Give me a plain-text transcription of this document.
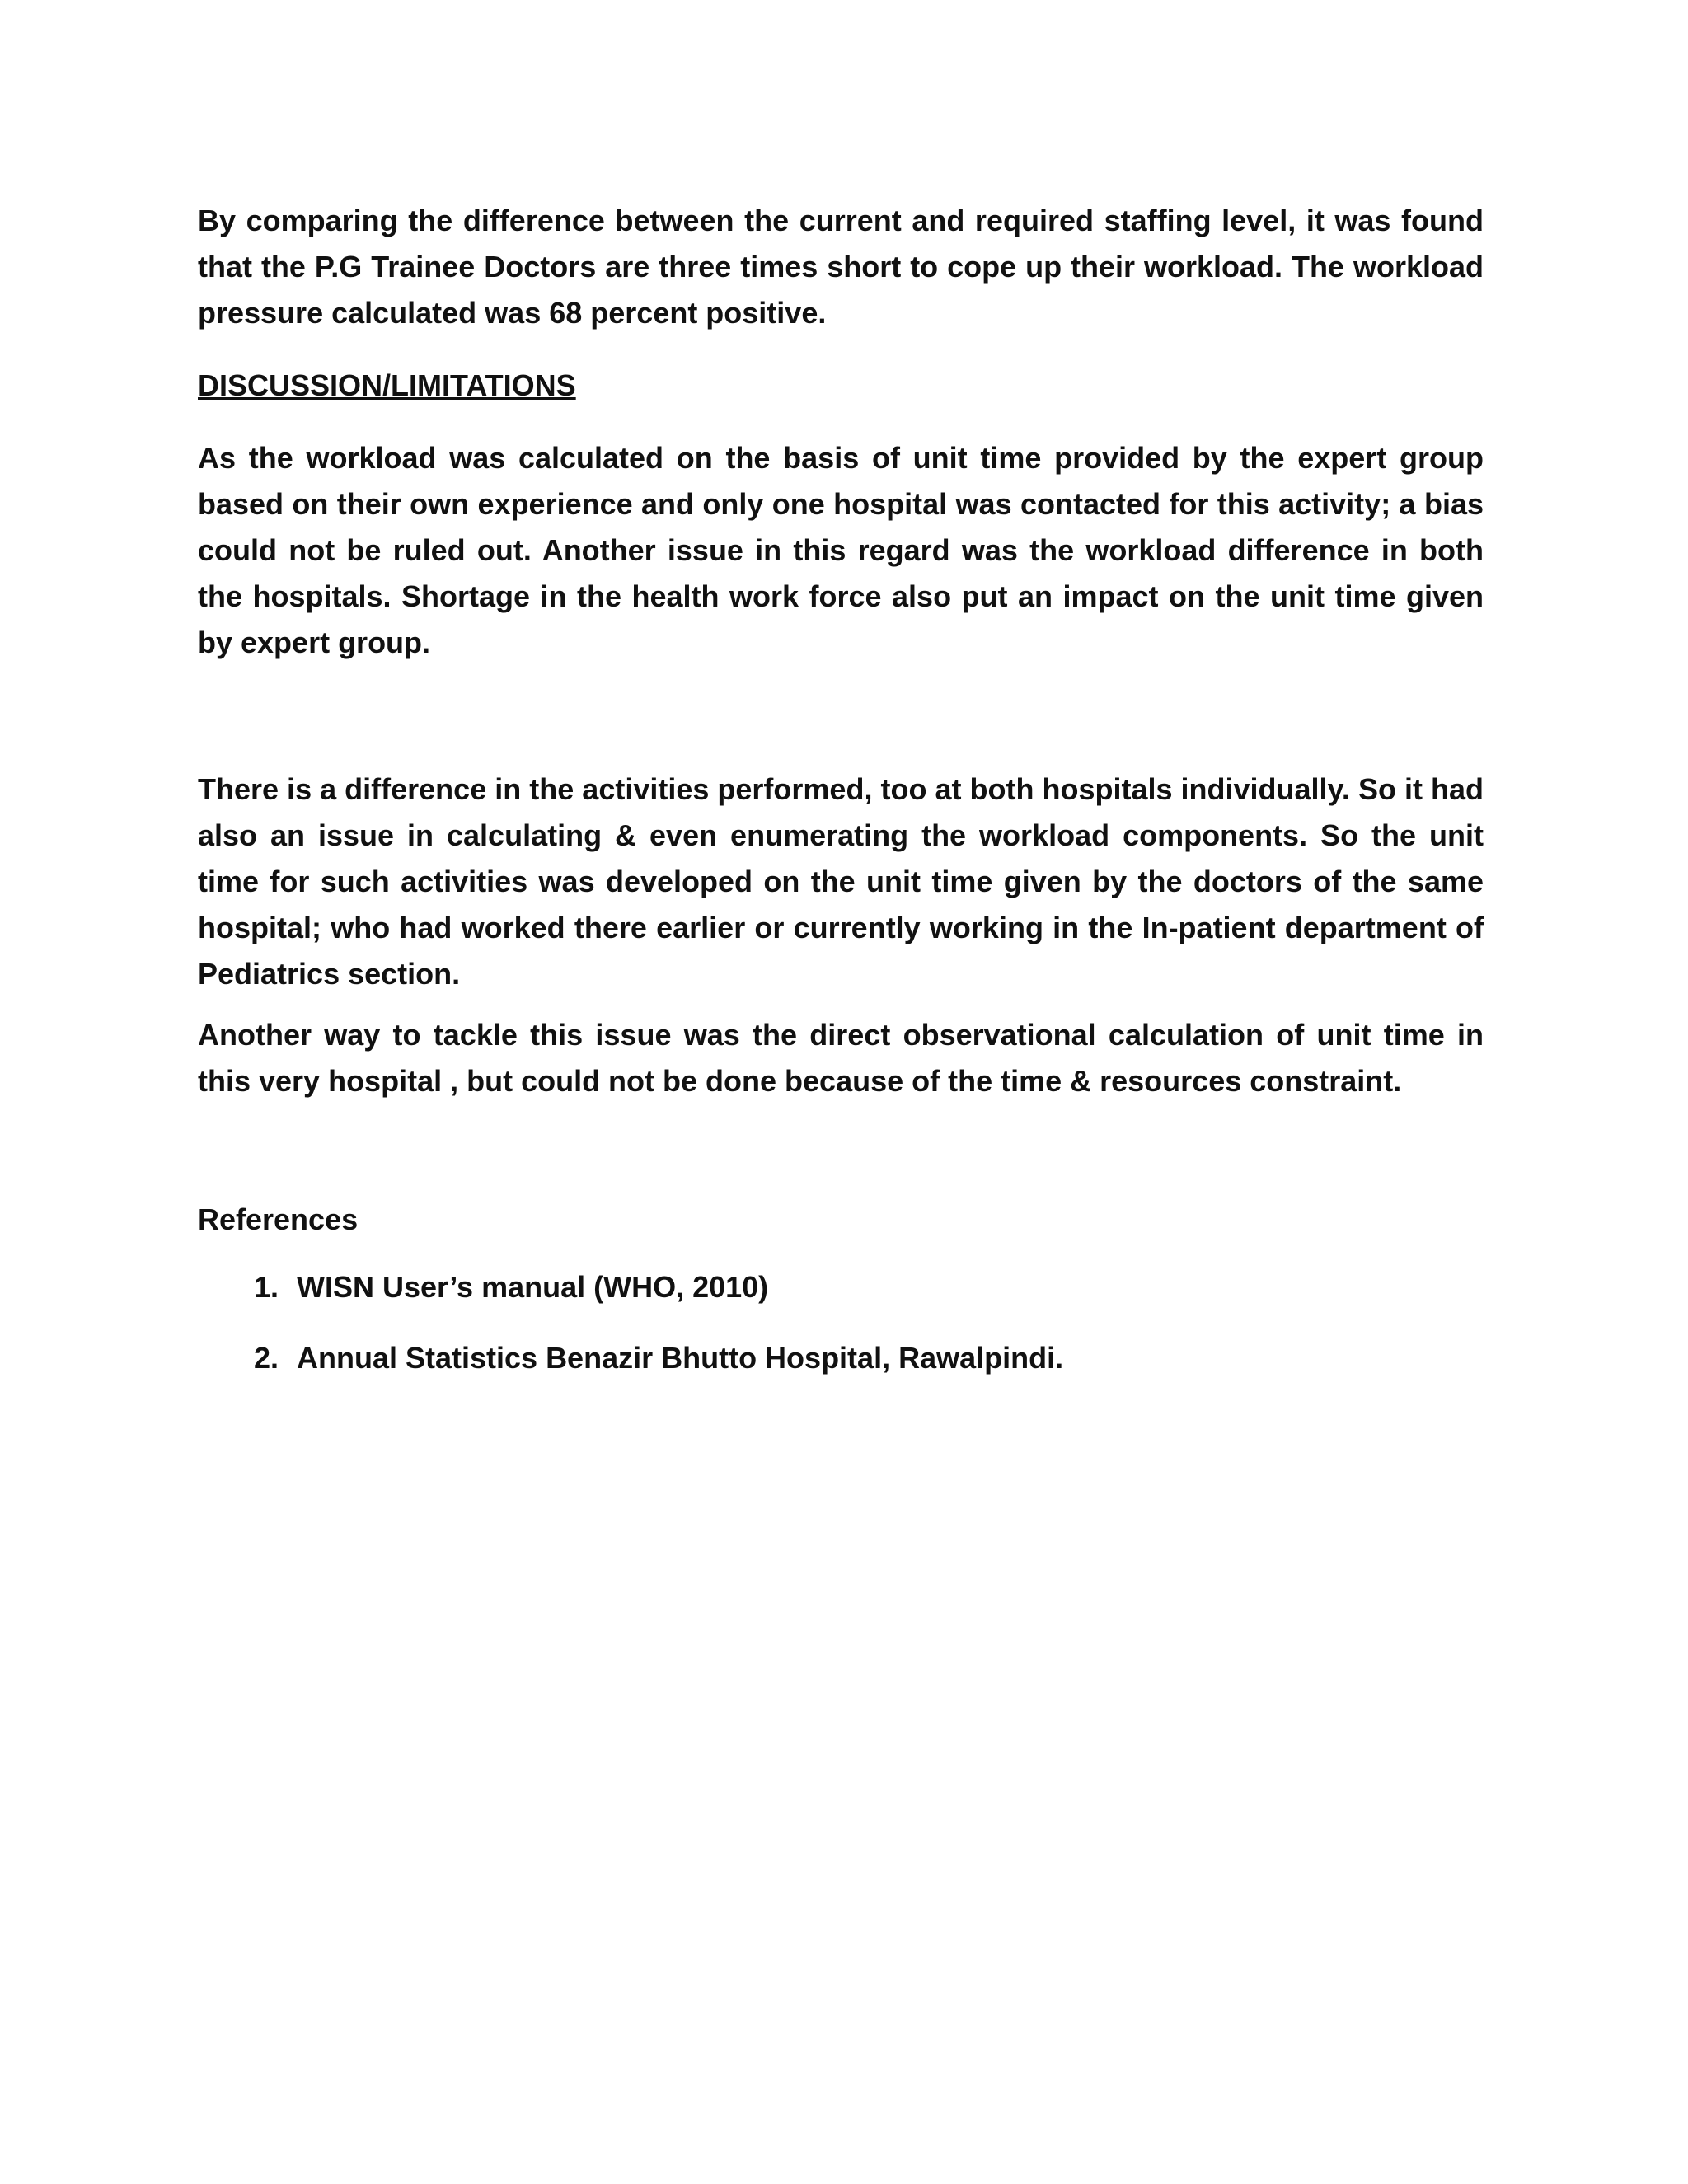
By comparing the difference between the current and required staffing level, it was found that the P.G Trainee Doctors are three times short to cope up their workload. The workload pressure calculated was 68 percent positive.

DISCUSSION/LIMITATIONS

As the workload was calculated on the basis of unit time provided by the expert group based on their own experience and only one hospital was contacted for this activity; a bias could not be ruled out. Another issue in this regard was the workload difference in both the hospitals. Shortage in the health work force also put an impact on the unit time given by expert group.

There is a difference in the activities performed, too at both hospitals individually. So it had also an issue in calculating & even enumerating the workload components. So the unit time for such activities was developed on the unit time given by the doctors of the same hospital; who had worked there earlier or currently working in the In-patient department of Pediatrics section.

Another way to tackle this issue was the direct observational calculation of unit time in this very hospital , but could not be done because of the time & resources constraint.

References

1. WISN User’s manual (WHO, 2010)
2. Annual Statistics Benazir Bhutto Hospital, Rawalpindi.
